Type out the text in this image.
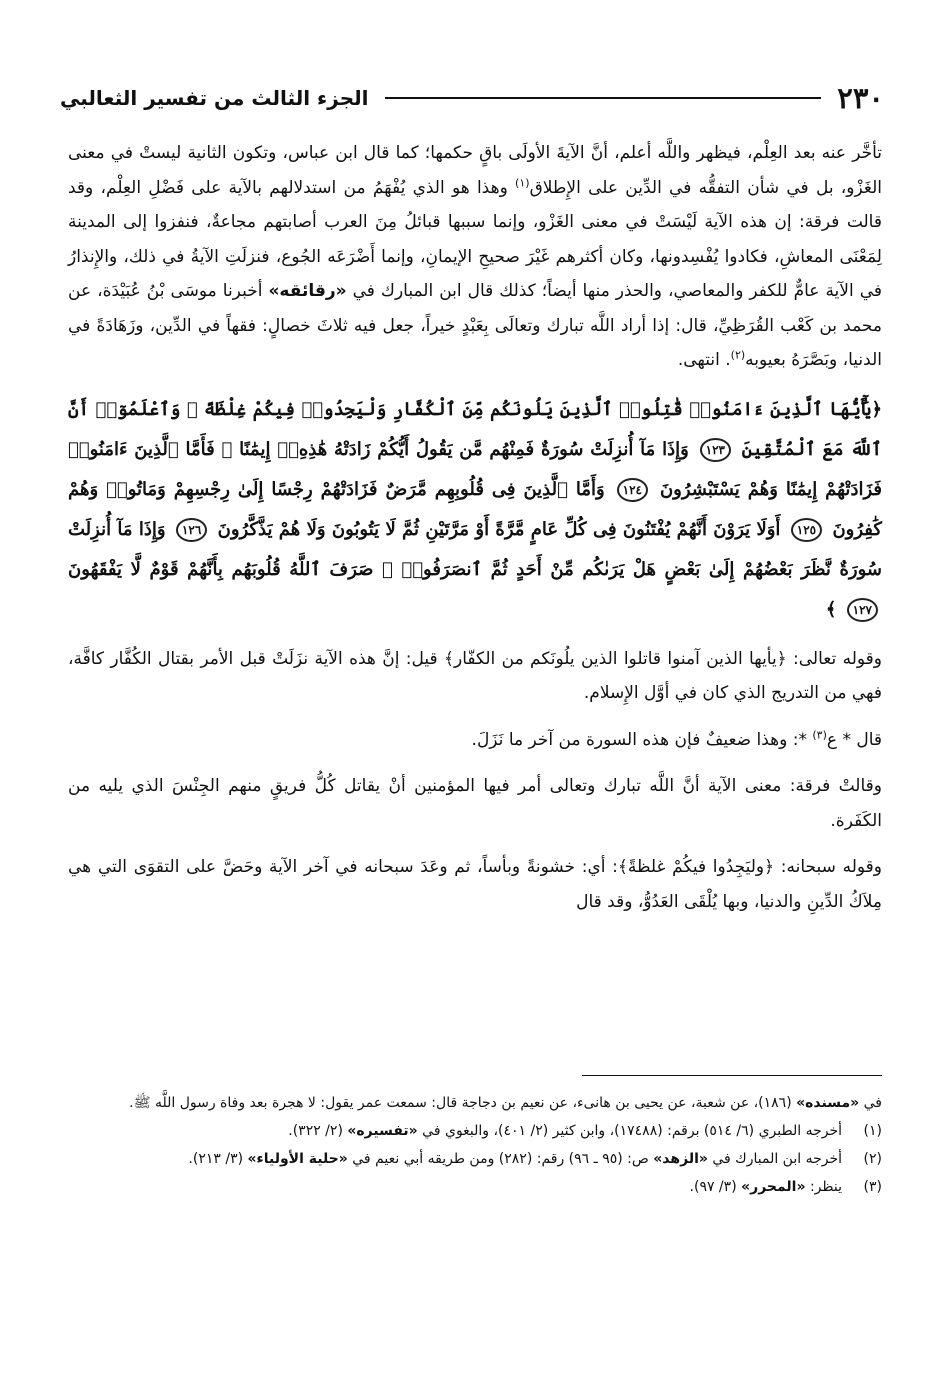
٢٣٠
الجزء الثالث من تفسير الثعالبي

تأخَّر عنه بعد العِلْم، فيظهر واللَّه أعلم، أنَّ الآيةَ الأولَى باقٍ حكمها؛ كما قال ابن عباس، وتكون الثانية ليستْ في معنى الغَزْو، بل في شأن التفقُّه في الدِّين على الإِطلاق$^{(١)}$ وهذا هو الذي يُفْهَمُ من استدلالهم بالآية على فَضْلِ العِلْم، وقد قالت فرقة: إن هذه الآية لَيْسَتْ في معنى الغَزْو، وإنما سببها قبائلُ مِنَ العرب أصابتهم مجاعةٌ، فنفزوا إلى المدينة لِمَعْنَى المعاشِ، فكادوا يُفْسِدونها، وكان أكثرهم غَيْرَ صحيحِ الإيمانِ، وإنما أَضْرَعَه الجُوع، فنزلَتِ الآيةُ في ذلك، والإِنذارُ في الآية عامٌّ للكفر والمعاصي، والحذر منها أيضاً؛ كذلك قال ابن المبارك في «رقائقه» أخبرنا موسَى بْنُ عُبَيْدَة، عن محمد بن كَعْب القُرَظِيِّ، قال: إذا أراد اللَّه تبارك وتعالَى بِعَبْدٍ خيراً، جعل فيه ثلاثَ خصالٍ: فقهاً في الدِّين، وزَهَادَةً في الدنيا، وبَصَّرَهُ بعيوبه$^{(٢)}$. انتهى.

﴿يَٰٓأَيُّهَا ٱلَّذِينَ ءَامَنُوا۟ قَٰتِلُوا۟ ٱلَّذِينَ يَلُونَكُم مِّنَ ٱلْكُفَّارِ وَلْيَجِدُوا۟ فِيكُمْ غِلْظَةً ۚ وَٱعْلَمُوٓا۟ أَنَّ ٱللَّهَ مَعَ ٱلْمُتَّقِينَ ١٢٣ وَإِذَا مَآ أُنزِلَتْ سُورَةٌ فَمِنْهُم مَّن يَقُولُ أَيُّكُمْ زَادَتْهُ هَٰذِهِۦٓ إِيمَٰنًا ۚ فَأَمَّا ٱلَّذِينَ ءَامَنُوا۟ فَزَادَتْهُمْ إِيمَٰنًا وَهُمْ يَسْتَبْشِرُونَ ١٢٤ وَأَمَّا ٱلَّذِينَ فِى قُلُوبِهِم مَّرَضٌ فَزَادَتْهُمْ رِجْسًا إِلَىٰ رِجْسِهِمْ وَمَاتُوا۟ وَهُمْ كَٰفِرُونَ ١٢٥ أَوَلَا يَرَوْنَ أَنَّهُمْ يُفْتَنُونَ فِى كُلِّ عَامٍ مَّرَّةً أَوْ مَرَّتَيْنِ ثُمَّ لَا يَتُوبُونَ وَلَا هُمْ يَذَّكَّرُونَ ١٢٦ وَإِذَا مَآ أُنزِلَتْ سُورَةٌ نَّظَرَ بَعْضُهُمْ إِلَىٰ بَعْضٍ هَلْ يَرَىٰكُم مِّنْ أَحَدٍ ثُمَّ ٱنصَرَفُوا۟ ۚ صَرَفَ ٱللَّهُ قُلُوبَهُم بِأَنَّهُمْ قَوْمٌ لَّا يَفْقَهُونَ ١٢٧ ﴾

وقوله تعالى: ﴿يأيها الذين آمنوا قاتلوا الذين يلُونَكم من الكفّار﴾ قيل: إنَّ هذه الآية نزَلَتْ قبل الأمر بقتال الكُفَّار كافَّة، فهي من التدريج الذي كان في أوَّل الإِسلام.

قال * ع$^{(٣)}$ *: وهذا ضعيفٌ فإن هذه السورة من آخر ما نَزَلَ.

وقالتْ فرقة: معنى الآية أنَّ اللَّه تبارك وتعالى أمر فيها المؤمنين أنْ يقاتل كُلُّ فريقٍ منهم الجِنْسَ الذي يليه من الكَفَرة.

وقوله سبحانه: ﴿وليَجِدُوا فيكُمْ غلظةً﴾: أي: خشونةً وبأساً، ثم وعَدَ سبحانه في آخر الآية وحَضَّ على التقوَى التي هي مِلاَكُ الدِّينِ والدنيا، وبها يُلْقَى العَدُوُّ، وقد قال

في «مسنده» (١٨٦)، عن شعبة، عن يحيى بن هانىء، عن نعيم بن دجاجة قال: سمعت عمر يقول: لا هجرة بعد وفاة رسول اللَّه ﷺ.

(١)
أخرجه الطبري (٦/ ٥١٤) برقم: (١٧٤٨٨)، وابن كثير (٢/ ٤٠١)، والبغوي في «تفسيره» (٢/ ٣٢٢).

(٢)
أخرجه ابن المبارك في «الزهد» ص: (٩٥ ـ ٩٦) رقم: (٢٨٢) ومن طريقه أبي نعيم في «حلية الأولياء» (٣/ ٢١٣).

(٣)
ينظر: «المحرر» (٣/ ٩٧).
